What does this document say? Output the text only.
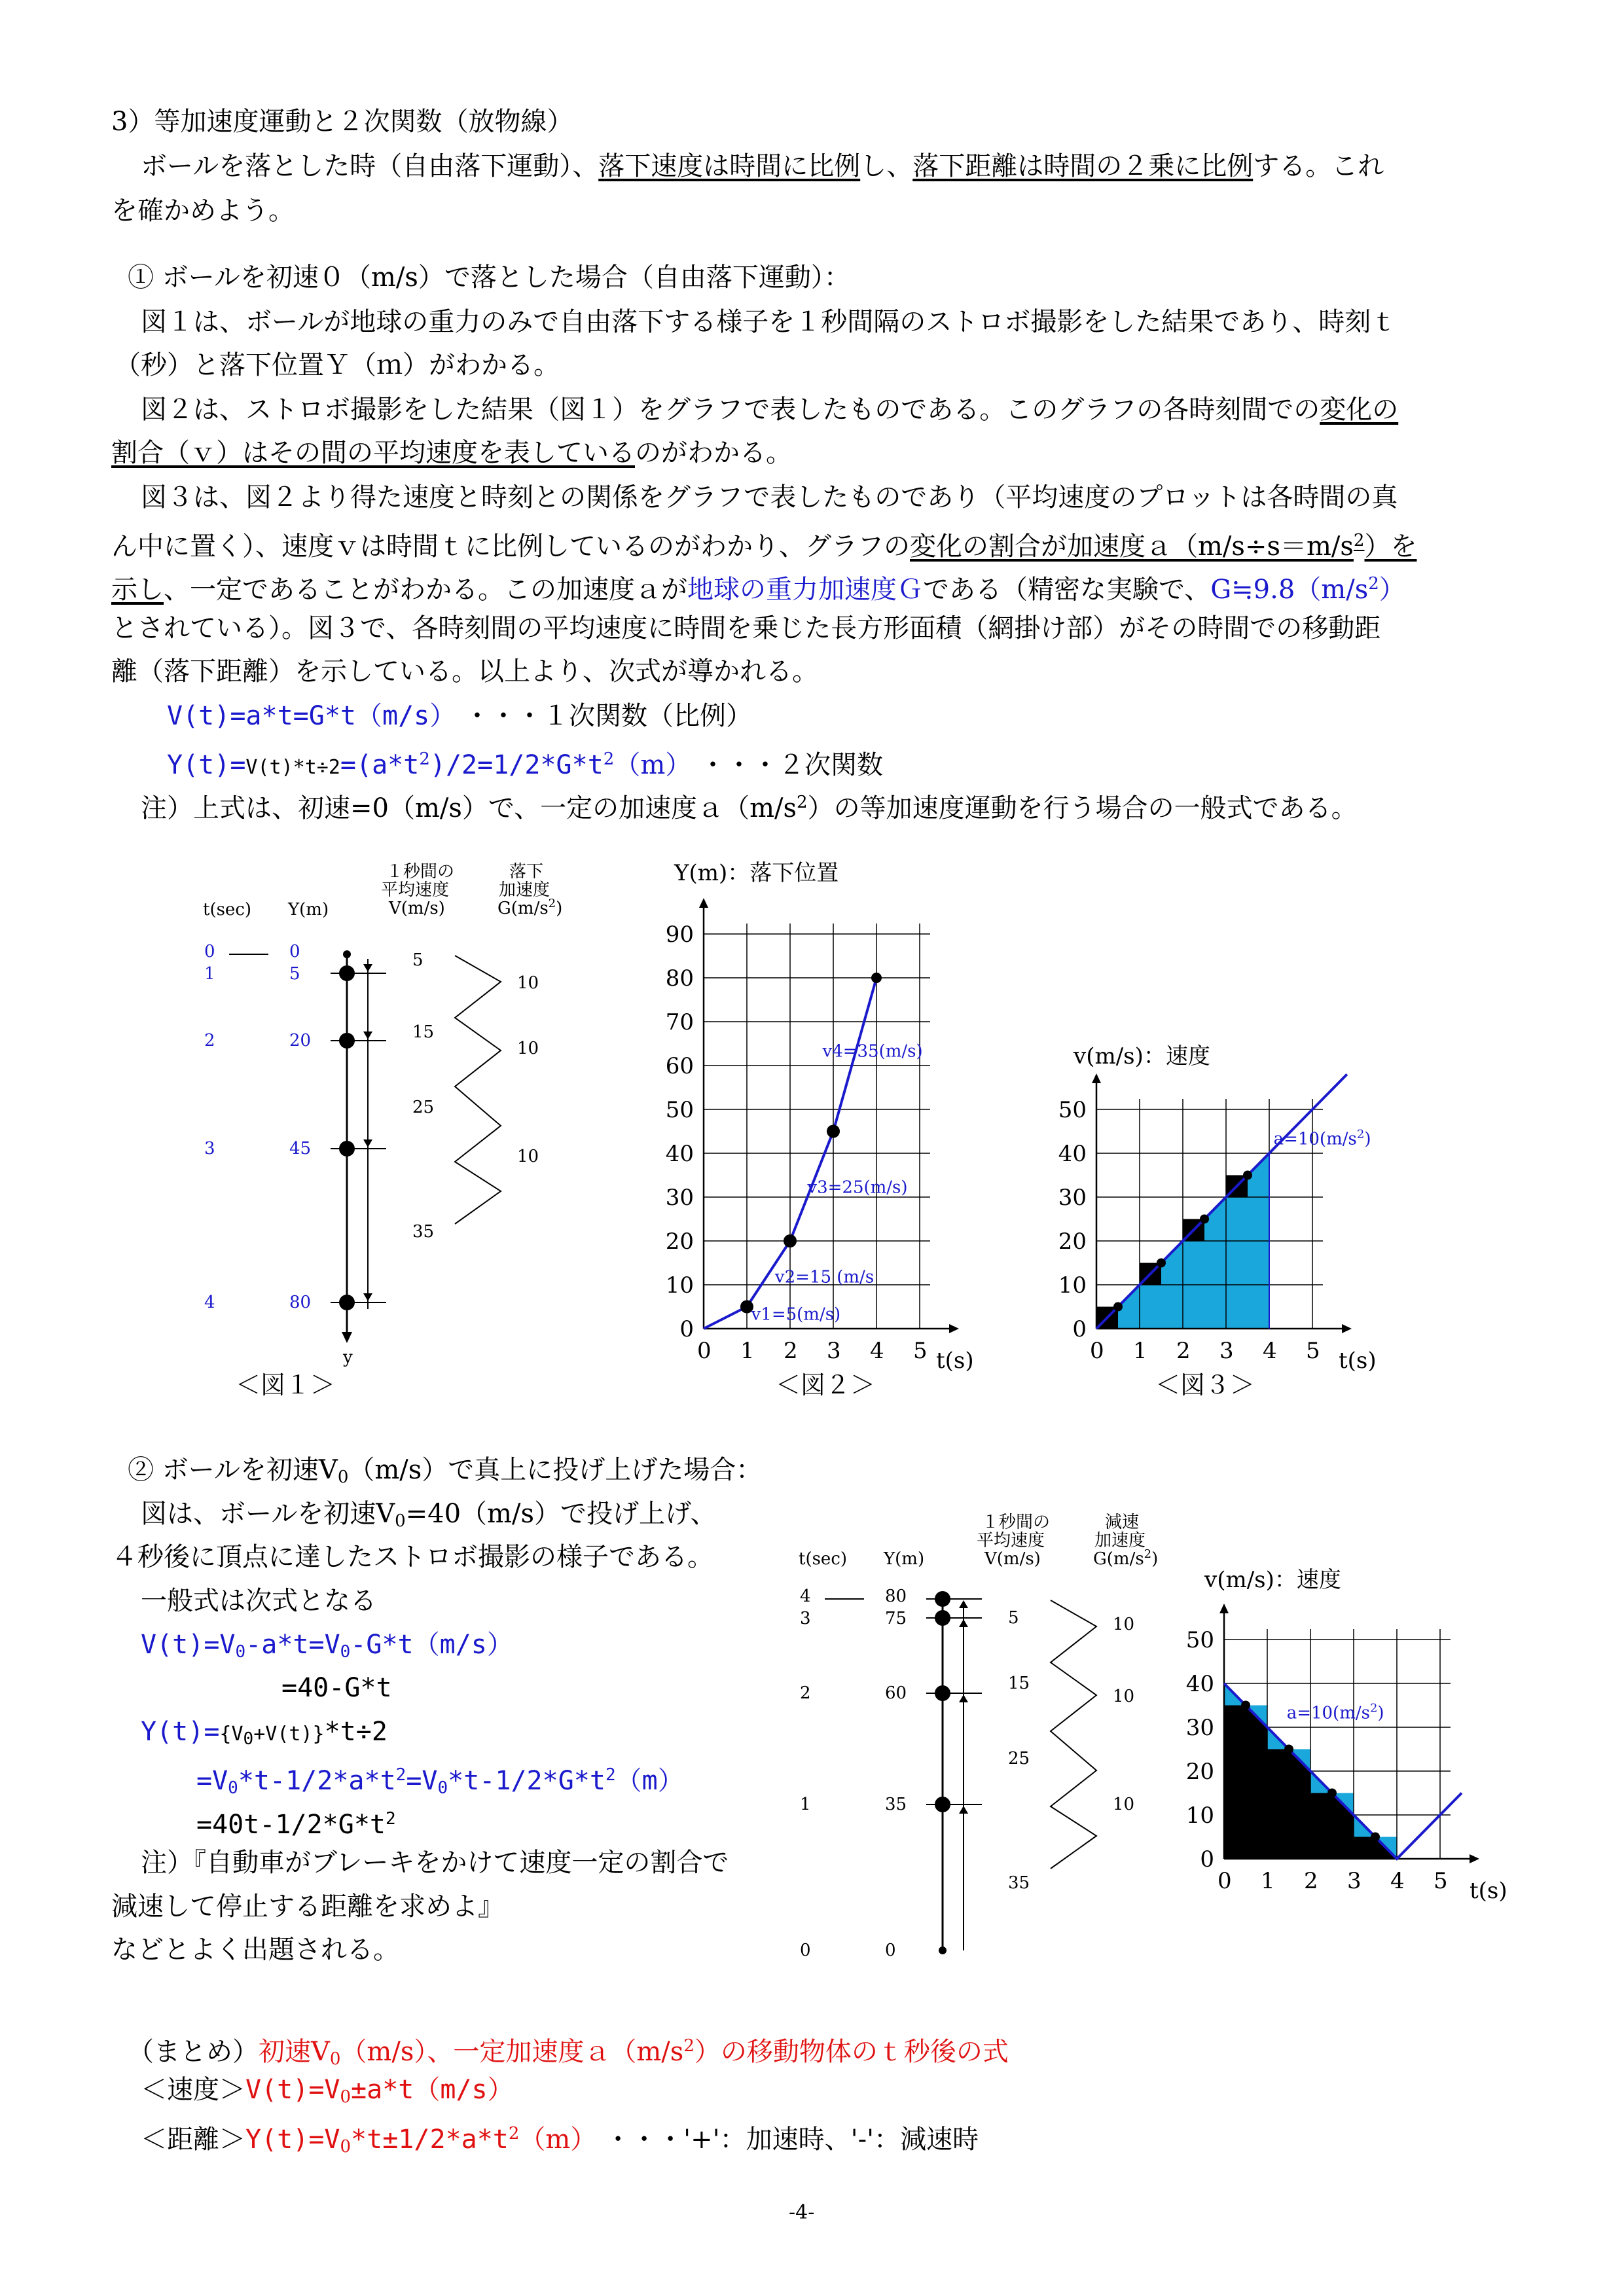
3）等加速度運動と２次関数（放物線）
ボールを落とした時（自由落下運動）、落下速度は時間に比例し、落下距離は時間の２乗に比例する。これ
を確かめよう。
① ボールを初速０（m/s）で落とした場合（自由落下運動）：
図１は、ボールが地球の重力のみで自由落下する様子を１秒間隔のストロボ撮影をした結果であり、時刻ｔ
（秒）と落下位置Ｙ（ｍ）がわかる。
図２は、ストロボ撮影をした結果（図１）をグラフで表したものである。このグラフの各時刻間での変化の
割合（ｖ）はその間の平均速度を表しているのがわかる。
図３は、図２より得た速度と時刻との関係をグラフで表したものであり（平均速度のプロットは各時間の真
ん中に置く）、速度ｖは時間ｔに比例しているのがわかり、グラフの変化の割合が加速度$a(m/s\div s=m/s^2)$を
示し、一定であることがわかる。この加速度ａが地球の重力加速度Ｇである（精密な実験で、$G≒9.8(m/s^2)$
とされている）。図３で、各時刻間の平均速度に時間を乗じた長方形面積（網掛け部）がその時間での移動距
離（落下距離）を示している。以上より、次式が導かれる。
V(t)=a*t=G*t（m/s） ・・・１次関数（比例）
$Y(t)=V(t)*t\div 2=(a*t^2)/2=1/2*G*t^2(m)$ ・・・２次関数
注）上式は、初速=0（m/s）で、一定の加速度$a(m/s^2)$の等加速度運動を行う場合の一般式である。
t(sec) Y(m)
１秒間の
平均速度
V(m/s)
落下
加速度
$G(m/s^2)$
y
0	0
1	5
2	20
3	45
4	80
5
15
25
35
10
10
10
＜図１＞
Y(m)：落下位置
t(s)
0 1 2 3 4 5
0
10
20
30
40
50
60
70
80
90
v4=35(m/s)
v3=25(m/s)
v2=15 (m/s
v1=5(m/s)
＜図２＞
v(m/s)：速度
t(s)
0 1 2 3 4 5
0
10
20
30
40
50
$a=10(m/s^2)$
＜図３＞
② ボールを初速$V_0(m/s)$で真上に投げ上げた場合：
図は、ボールを初速$V_0=40(m/s)$で投げ上げ、
４秒後に頂点に達したストロボ撮影の様子である。
一般式は次式となる
$V(t)=V_0-a*t=V_0-G*t(m/s)$
=40-G*t
$Y(t)=\{V_0+V(t)\}*t\div 2$
$=V_0*t-1/2*a*t^2=V_0*t-1/2*G*t^2(m)$
$=40t-1/2*G*t^2$
注）『自動車がブレーキをかけて速度一定の割合で
減速して停止する距離を求めよ』
などとよく出題される。
t(sec) Y(m)
１秒間の
平均速度
V(m/s)
減速
加速度
$G(m/s^2)$
4	80
3	75
2	60
1	35
0	0
5
15
25
35
10
10
10
v(m/s)：速度
t(s)
0 1 2 3 4 5
0
10
20
30
40
50
$a=10(m/s^2)$
（まとめ）初速$V_0(m/s)$、一定加速度$a(m/s^2)$の移動物体のｔ秒後の式
＜速度$>V(t)=V_0\pm a*t(m/s)$
＜距離$>Y(t)=V_0*t\pm 1/2*a*t^2(m)$ ・・・'+'：加速時、'-'：減速時
-4-
